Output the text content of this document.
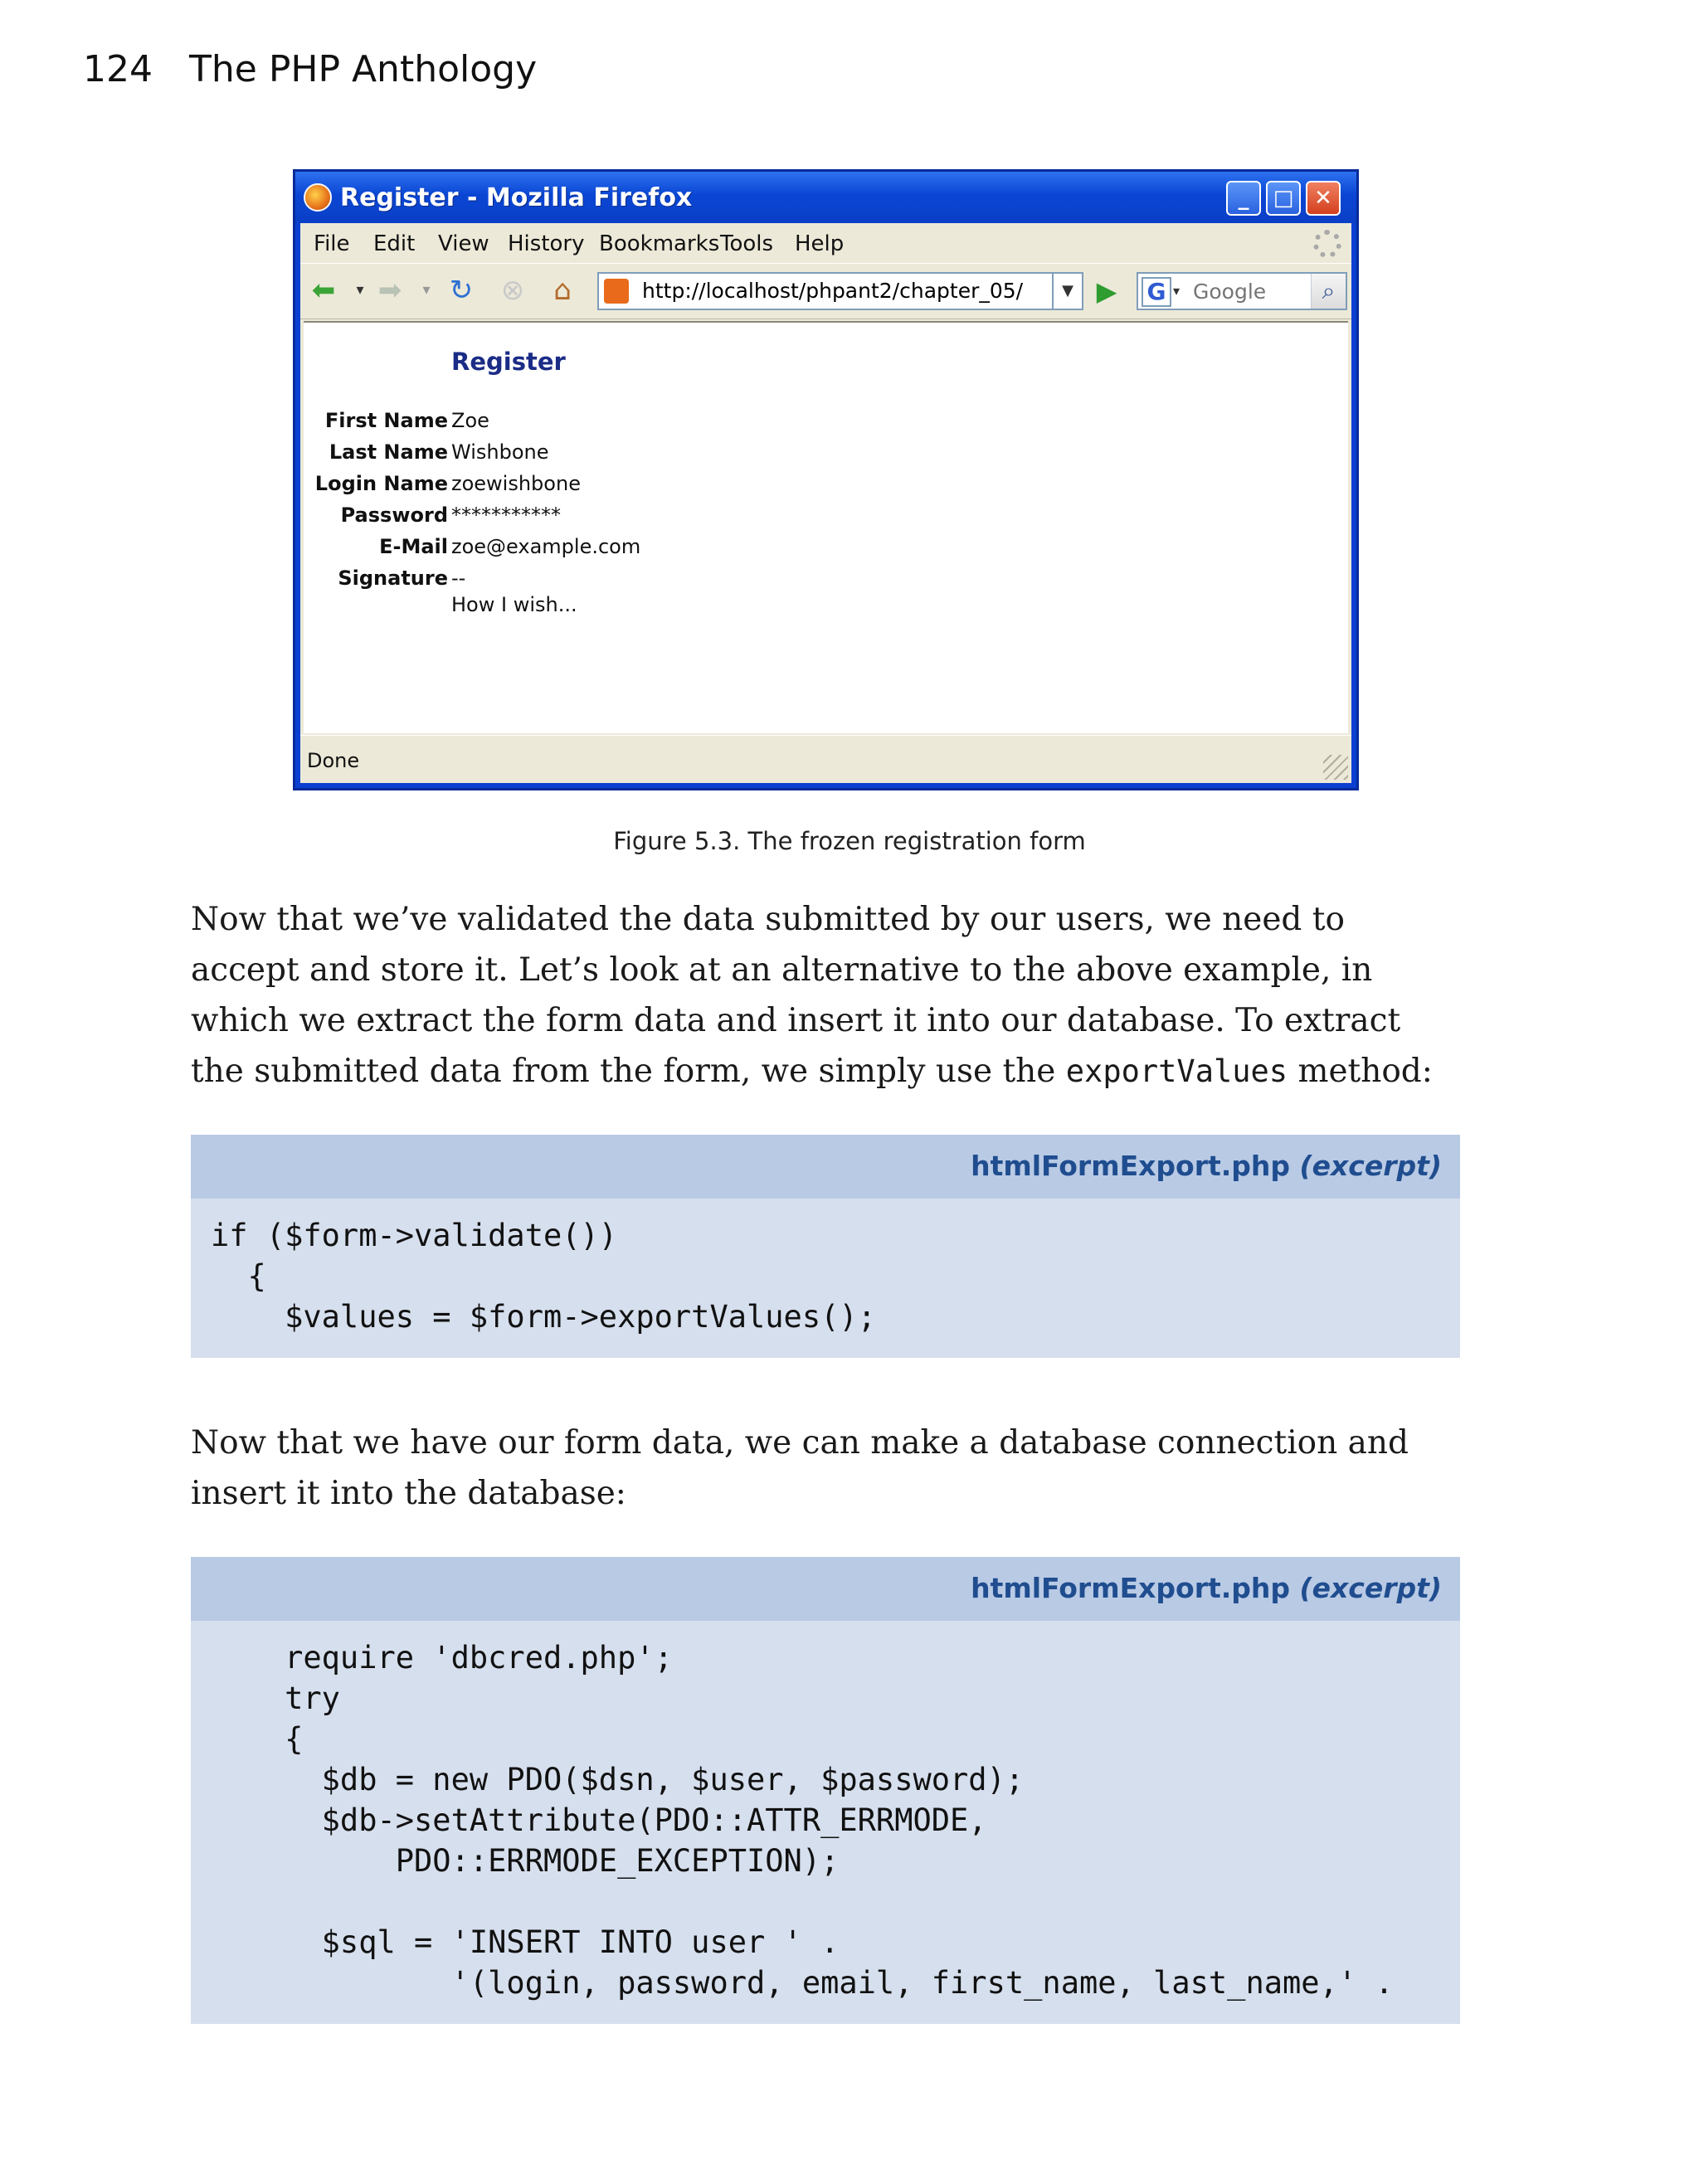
124 The PHP Anthology
Register - Mozilla Firefox	_	□ ✕
File Edit View History Bookmarks Tools Help
⬅	▾ ➡	▾ ↻ ⊗ ⌂	http://localhost/phpant2/chapter_05/	▼ ▶	G ▾
Google	⌕
Register
First Name Zoe
Last Name Wishbone
Login Name zoewishbone
Password ***********
E-Mail zoe@example.com
Signature --
How I wish...
Done
Figure 5.3. The frozen registration form

Now that we’ve validated the data submitted by our users, we need to accept and store it. Let’s look at an alternative to the above example, in which we extract the form data and insert it into our database. To extract the submitted data from the form, we simply use the exportValues method:

htmlFormExport.php (excerpt)
if ($form->validate())
{
$values = $form->exportValues();

Now that we have our form data, we can make a database connection and insert it into the database:

htmlFormExport.php (excerpt)
require 'dbcred.php';
try
{
$db = new PDO($dsn, $user, $password);
$db->setAttribute(PDO::ATTR_ERRMODE,
PDO::ERRMODE_EXCEPTION);

$sql = 'INSERT INTO user ' .
'(login, password, email, first_name, last_name,' .
